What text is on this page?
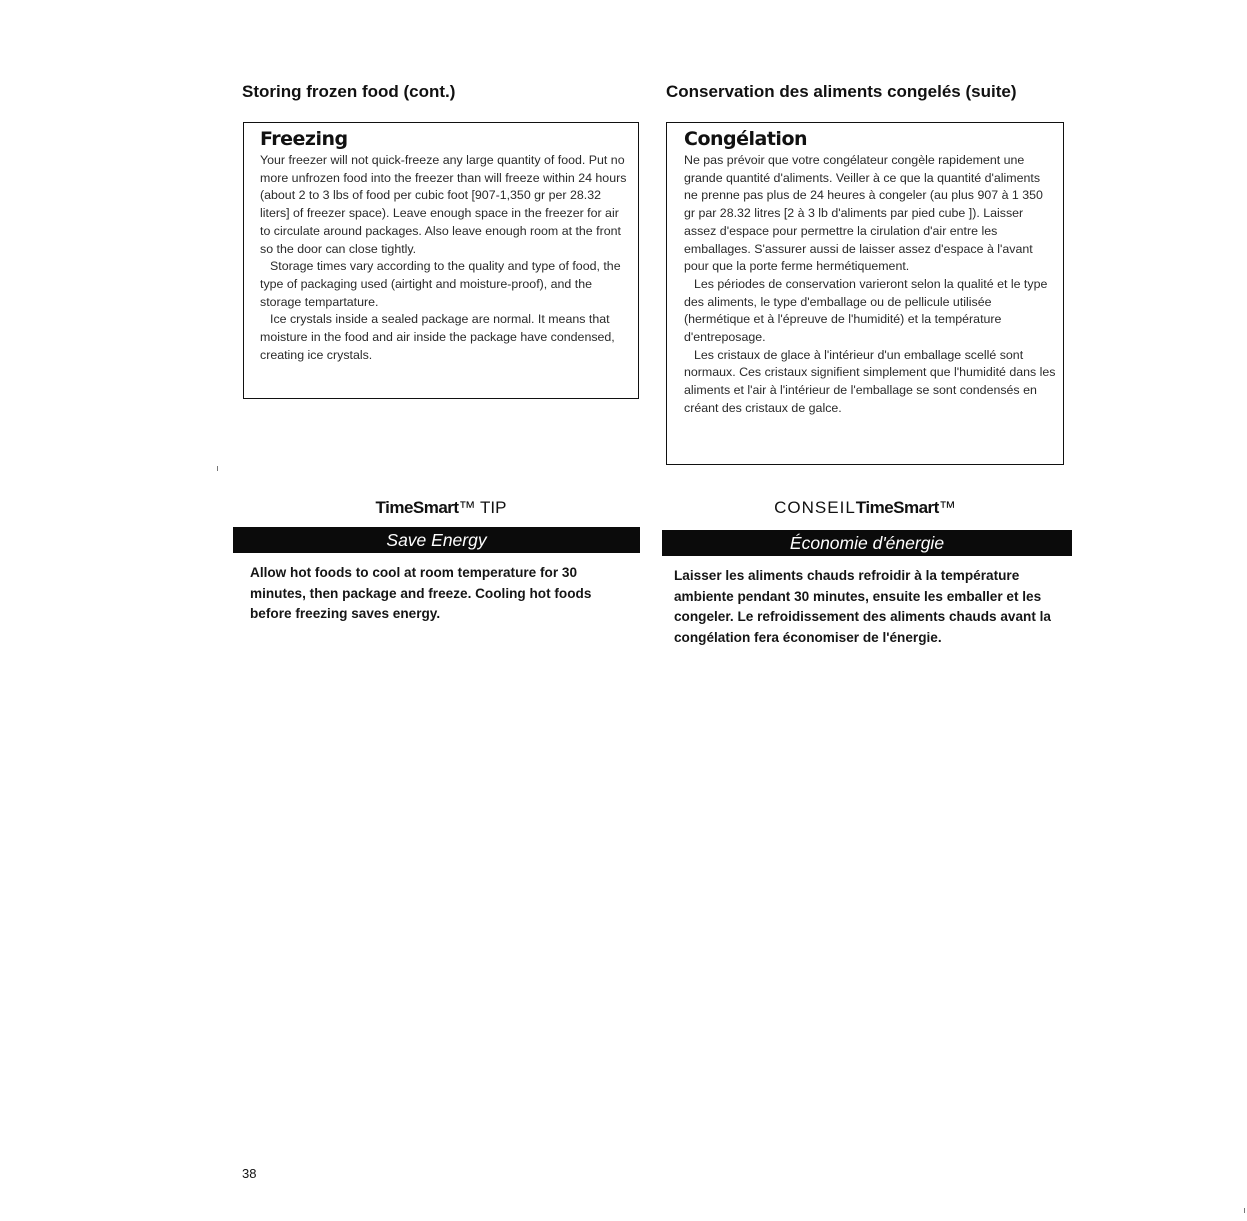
Storing frozen food (cont.)	Conservation des aliments congelés (suite)
Freezing

Your freezer will not quick-freeze any large quantity of food. Put no more unfrozen food into the freezer than will freeze within 24 hours (about 2 to 3 lbs of food per cubic foot [907-1,350 gr per 28.32 liters] of freezer space). Leave enough space in the freezer for air to circulate around packages. Also leave enough room at the front so the door can close tightly.

Storage times vary according to the quality and type of food, the type of packaging used (airtight and moisture-proof), and the storage tempartature.

Ice crystals inside a sealed package are normal. It means that moisture in the food and air inside the package have condensed, creating ice crystals.

Congélation

Ne pas prévoir que votre congélateur congèle rapidement une grande quantité d'aliments. Veiller à ce que la quantité d'aliments ne prenne pas plus de 24 heures à congeler (au plus 907 à 1 350 gr par 28.32 litres [2 à 3 lb d'aliments par pied cube ]). Laisser assez d'espace pour permettre la cirulation d'air entre les emballages. S'assurer aussi de laisser assez d'espace à l'avant pour que la porte ferme hermétiquement.

Les périodes de conservation varieront selon la qualité et le type des aliments, le type d'emballage ou de pellicule utilisée (hermétique et à l'épreuve de l'humidité) et la température d'entreposage.

Les cristaux de glace à l'intérieur d'un emballage scellé sont normaux. Ces cristaux signifient simplement que l'humidité dans les aliments et l'air à l'intérieur de l'emballage se sont condensés en créant des cristaux de galce.

TimeSmart™ TIP
Save Energy

Allow hot foods to cool at room temperature for 30 minutes, then package and freeze. Cooling hot foods before freezing saves energy.

CONSEILTimeSmart™
Économie d'énergie

Laisser les aliments chauds refroidir à la température ambiente pendant 30 minutes, ensuite les emballer et les congeler. Le refroidissement des aliments chauds avant la congélation fera économiser de l'énergie.

38
